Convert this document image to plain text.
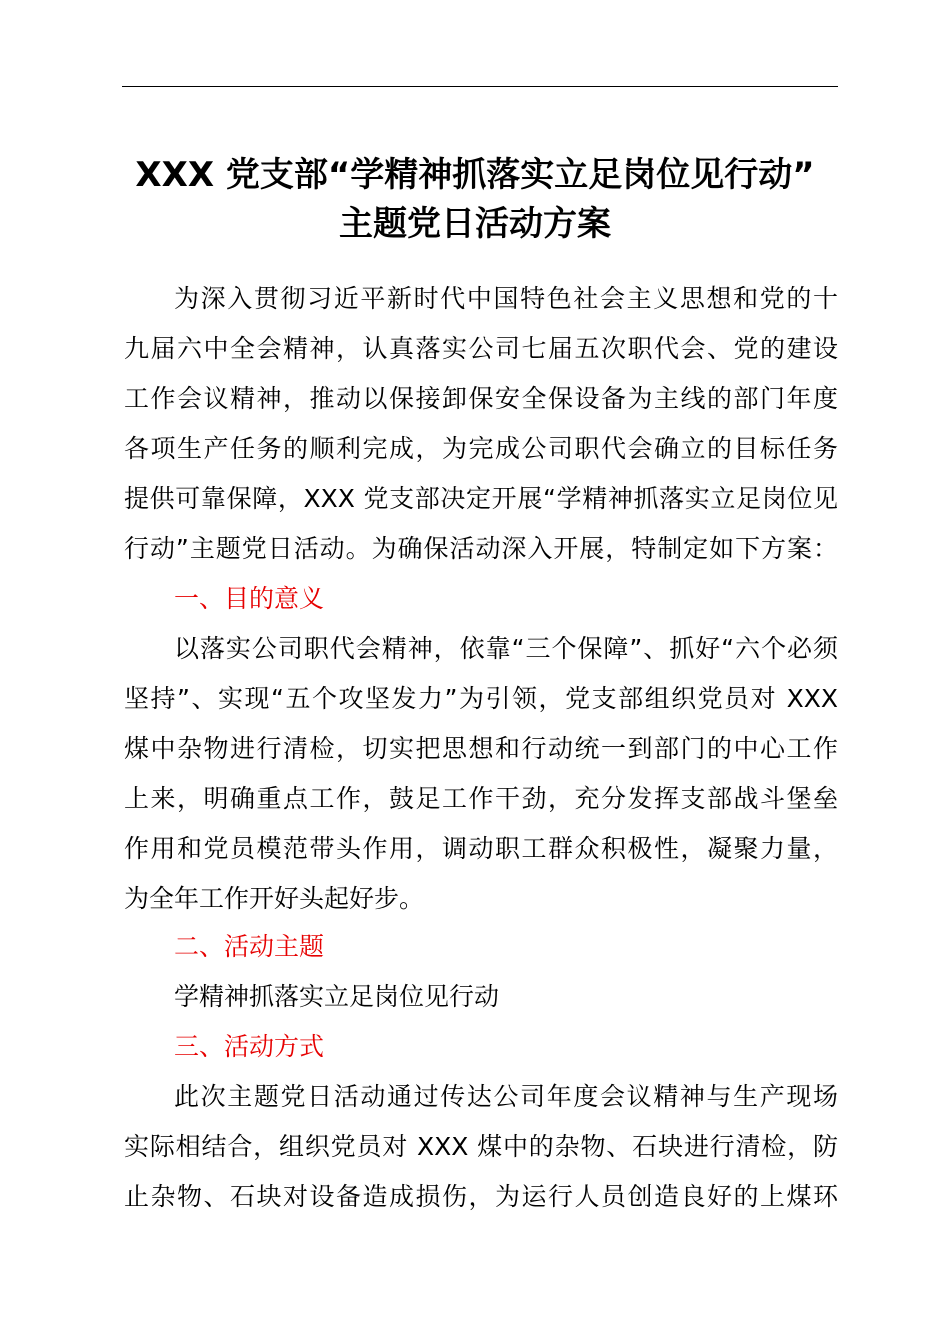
XXX 党支部“学精神抓落实立足岗位见行动”
主题党日活动方案
为深入贯彻习近平新时代中国特色社会主义思想和党的十
九届六中全会精神，认真落实公司七届五次职代会、党的建设
工作会议精神，推动以保接卸保安全保设备为主线的部门年度
各项生产任务的顺利完成，为完成公司职代会确立的目标任务
提供可靠保障，XXX 党支部决定开展“学精神抓落实立足岗位见
行动”主题党日活动。为确保活动深入开展，特制定如下方案：
一、目的意义
以落实公司职代会精神，依靠“三个保障”、抓好“六个必须
坚持”、实现“五个攻坚发力”为引领，党支部组织党员对 XXX
煤中杂物进行清检，切实把思想和行动统一到部门的中心工作
上来，明确重点工作，鼓足工作干劲，充分发挥支部战斗堡垒
作用和党员模范带头作用，调动职工群众积极性，凝聚力量，
为全年工作开好头起好步。
二、活动主题
学精神抓落实立足岗位见行动
三、活动方式
此次主题党日活动通过传达公司年度会议精神与生产现场
实际相结合，组织党员对 XXX 煤中的杂物、石块进行清检，防
止杂物、石块对设备造成损伤，为运行人员创造良好的上煤环
